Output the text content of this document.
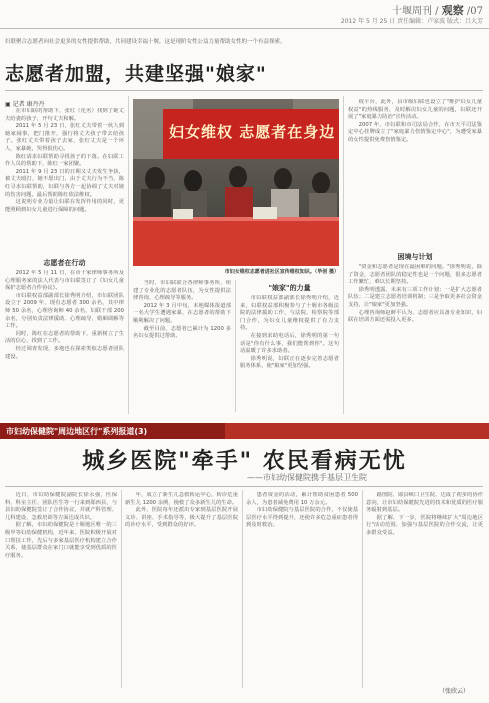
十堰周刊 / 观察 /07
2012 年 5 月 25 日 责任编辑：卢家波 版式：吕大芳
妇联聚合志愿者向社会更多的女性提供帮助，共同建设幸福十堰，这是现阶女性公益力量帮助女性的一个有益探索。
志愿者加盟，共建坚强"娘家"
▣ 记者 康丹丹

在市妇联的帮助下，张红（化名）找到了她丈夫给妻的孩子，开句丈夫和解。

2011 年 5 月 23 日，张红丈夫带着一伙人到她家闹事，把门推开，强行将丈夫孩子带去给孩子。张红丈夫带着孩子去家，张红丈夫是一个坏人，家暴她，哭得很伤心。

陈红请求妇联帮助寻找孩子的下落。在妇联工作人员的帮助下，陈红一家团聚。

2011 年 9 月 23 日的日期又丈夫发生争执，被丈夫殴打，她不愿出门，由于丈夫行为不当，陈红寻求妇联帮助，妇联与各方一起协调了丈夫对她的伤害问题，最后帮助陈红依法维权。

这说明专业力量让妇联在发挥作用的同时，更能照顾到妇女儿童进行保障的问题。

志愿者在行动

2012 年 5 月 11 日，在市十家律师事务所及心理服务家的法人代表与市妇联签订了《妇女儿童保护志愿者合作协议》。

市妇联权益部副部长徐秀明介绍，市妇联团队设立于 2009 年，现有志愿者 300 余名，其中律师 50 余名，心理咨询师 40 余名，妇联干部 200 余名，分别负责法律援助、心理疏导、婚姻调解等工作。

同时，陈红在志愿者的帮助下，重新树立了生活的信心，找到了工作。

经过调查发现，多地也在探索类似志愿者团队建设。

妇女维权 志愿者在身边
市妇女维权志愿者进社区宣传维权知识。（毕创 摄）

当时，市妇联联合各律师事务所，组建了专业化的志愿者队伍，为女性提供法律咨询、心理疏导等服务。

2012 年 3 月中旬，本地媒体报道部一名大学生遭遇家暴，在志愿者的帮助下顺利解决了问题。

截至目前，志愿者已累计为 1200 多名妇女提供过帮助。

"娘家"的力量

市妇联权益部副部长徐秀明介绍，近来，妇联权益部积极参与了十堰市各级法院的法律援助工作，与法院、检察院等部门合作，为妇女儿童维权提供了有力支持。

在接到求助电话后，徐秀明的第一句话是"你有什么事，我们能帮到你"。这句话温暖了许多求助者。

徐秀明说，妇联正在逐步完善志愿者服务体系，使"娘家"更加坚强。

权平台，此外，县市级妇联也设立了"维护妇女儿童权益"的热线服务，及时解决妇女儿童的问题，妇联还开展了"家庭暴力防治"宣传活动。

2007 年，市妇联和市司法局合作，在市天平司法鉴定中心挂牌成立了"家庭暴力伤情鉴定中心"，为遭受家暴的女性提供免费伤情鉴定。

困境与计划

"资金和志愿者是现在最困难的问题。"徐秀明说，除了资金，志愿者团队的稳定性也是一个问题，很多志愿者工作繁忙，难以长期坚持。

徐秀明透露，未来有三项工作计划：一是扩大志愿者队伍；二是建立志愿者培训机制；三是争取更多社会资金支持，让"娘家"更加坚强。

心理咨询师赵鲜平认为，志愿者应具备专业知识，妇联在培训方面还需投入更多。

市妇幼保健院"周边地区行"系列报道(3)
城乡医院"牵手" 农民看病无忧
——市妇幼保健院携手基层卫生院

近日，市妇幼保健院副院长徐永强，医保科、科室主任、团队医生等一行来到郧西县，与县妇幼保健院签订了合作协议，并就产科管理、儿科建设、急救培训等方面达成共识。

据了解，市妇幼保健院是十堰地区唯一的三级甲等妇幼保健机构，近年来，医院积极开展对口帮扶工作，先后与多家基层医疗机构建立合作关系，使基层群众在家门口就能享受到优质的医疗服务。

年，成立了新生儿急救转运中心，转诊危重新生儿 1200 余例，挽救了众多新生儿的生命。

此外，医院每年还派出专家到基层医院开展义诊、讲座、手术指导等，极大提升了基层医院的诊疗水平，受到群众的好评。

患者资金的活动，累计帮助贫困患者 500 余人，为患者减免费用 10 万余元。

市妇幼保健院与基层医院的合作，不仅使基层医疗水平得到提升，还使许多危急重症患者得到及时救治。

路图院、郧县峡口卫生院、达成了初步的协作意向，让市妇幼保健院先进的技术和优质的医疗服务辐射到基层。

据了解，下一步，医院将继续扩大"周边地区行"活动范围，加强与基层医院的合作交流，让更多群众受益。

（张欣云）
